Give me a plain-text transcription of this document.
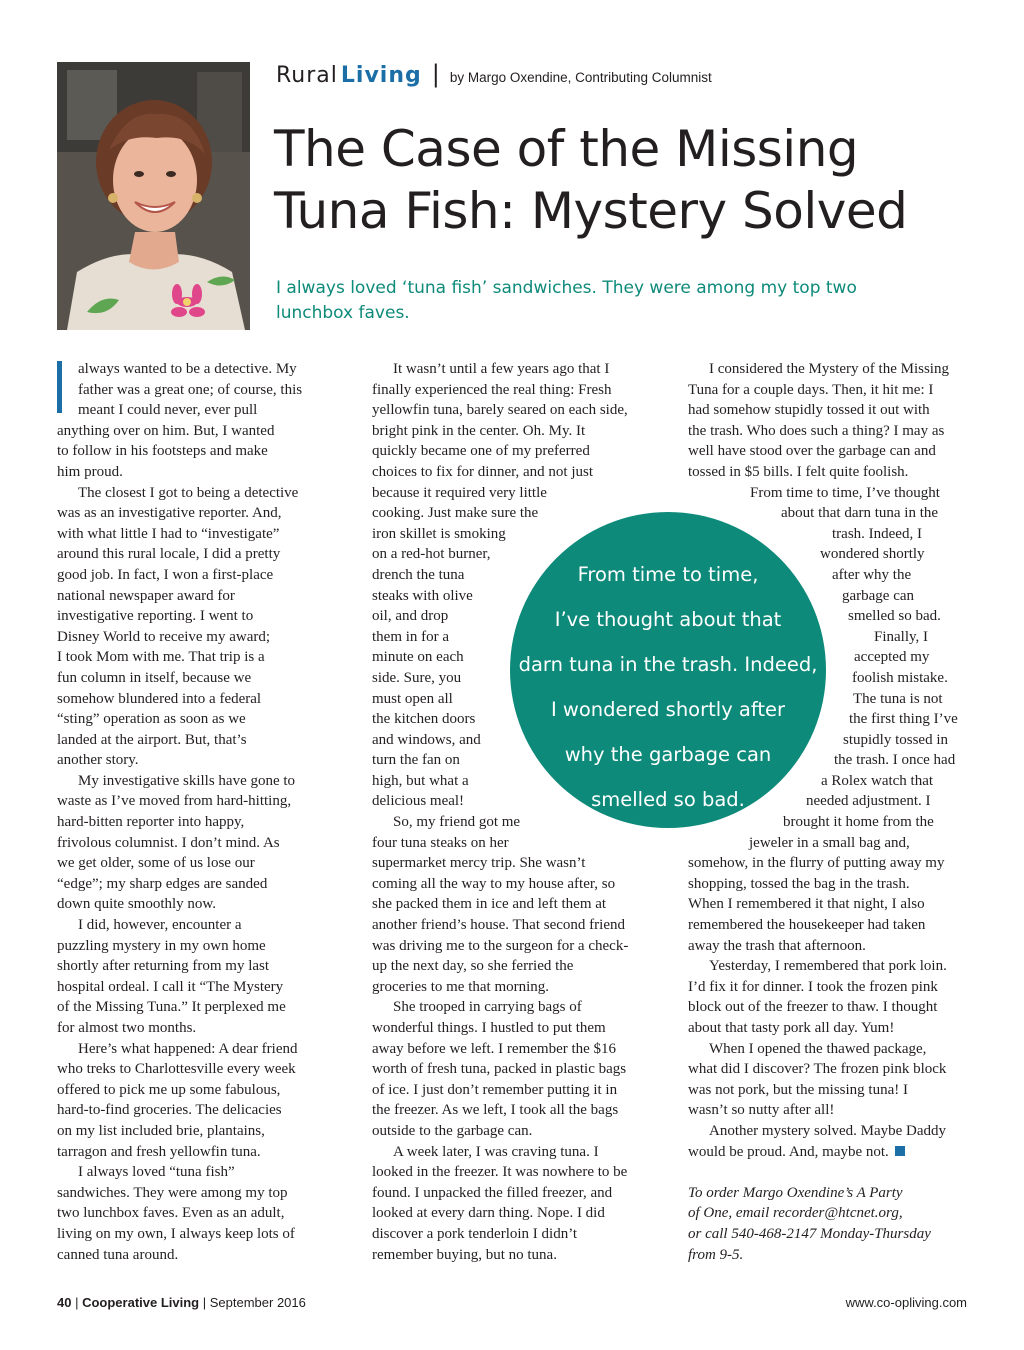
Rural Living | by Margo Oxendine, Contributing Columnist
The Case of the Missing
Tuna Fish: Mystery Solved
I always loved ‘tuna fish’ sandwiches. They were among my top two
lunchbox faves.
always wanted to be a detective. My
father was a great one; of course, this
meant I could never, ever pull
anything over on him. But, I wanted
to follow in his footsteps and make
him proud.
The closest I got to being a detective
was as an investigative reporter. And,
with what little I had to “investigate”
around this rural locale, I did a pretty
good job. In fact, I won a first-place
national newspaper award for
investigative reporting. I went to
Disney World to receive my award;
I took Mom with me. That trip is a
fun column in itself, because we
somehow blundered into a federal
“sting” operation as soon as we
landed at the airport. But, that’s
another story.
My investigative skills have gone to
waste as I’ve moved from hard-hitting,
hard-bitten reporter into happy,
frivolous columnist. I don’t mind. As
we get older, some of us lose our
“edge”; my sharp edges are sanded
down quite smoothly now.
I did, however, encounter a
puzzling mystery in my own home
shortly after returning from my last
hospital ordeal. I call it “The Mystery
of the Missing Tuna.” It perplexed me
for almost two months.
Here’s what happened: A dear friend
who treks to Charlottesville every week
offered to pick me up some fabulous,
hard-to-find groceries. The delicacies
on my list included brie, plantains,
tarragon and fresh yellowfin tuna.
I always loved “tuna fish”
sandwiches. They were among my top
two lunchbox faves. Even as an adult,
living on my own, I always keep lots of
canned tuna around.
It wasn’t until a few years ago that I
finally experienced the real thing: Fresh
yellowfin tuna, barely seared on each side,
bright pink in the center. Oh. My. It
quickly became one of my preferred
choices to fix for dinner, and not just
because it required very little
cooking. Just make sure the
iron skillet is smoking
on a red-hot burner,
drench the tuna
steaks with olive
oil, and drop
them in for a
minute on each
side. Sure, you
must open all
the kitchen doors
and windows, and
turn the fan on
high, but what a
delicious meal!
So, my friend got me
four tuna steaks on her
supermarket mercy trip. She wasn’t
coming all the way to my house after, so
she packed them in ice and left them at
another friend’s house. That second friend
was driving me to the surgeon for a check-
up the next day, so she ferried the
groceries to me that morning.
She trooped in carrying bags of
wonderful things. I hustled to put them
away before we left. I remember the $16
worth of fresh tuna, packed in plastic bags
of ice. I just don’t remember putting it in
the freezer. As we left, I took all the bags
outside to the garbage can.
A week later, I was craving tuna. I
looked in the freezer. It was nowhere to be
found. I unpacked the filled freezer, and
looked at every darn thing. Nope. I did
discover a pork tenderloin I didn’t
remember buying, but no tuna.
I considered the Mystery of the Missing
Tuna for a couple days. Then, it hit me: I
had somehow stupidly tossed it out with
the trash. Who does such a thing? I may as
well have stood over the garbage can and
tossed in $5 bills. I felt quite foolish.
From time to time, I’ve thought
about that darn tuna in the
trash. Indeed, I
wondered shortly
after why the
garbage can
smelled so bad.
Finally, I
accepted my
foolish mistake.
The tuna is not
the first thing I’ve
stupidly tossed in
the trash. I once had
a Rolex watch that
needed adjustment. I
brought it home from the
jeweler in a small bag and,
somehow, in the flurry of putting away my
shopping, tossed the bag in the trash.
When I remembered it that night, I also
remembered the housekeeper had taken
away the trash that afternoon.
Yesterday, I remembered that pork loin.
I’d fix it for dinner. I took the frozen pink
block out of the freezer to thaw. I thought
about that tasty pork all day. Yum!
When I opened the thawed package,
what did I discover? The frozen pink block
was not pork, but the missing tuna! I
wasn’t so nutty after all!
Another mystery solved. Maybe Daddy
would be proud. And, maybe not.
To order Margo Oxendine’s A Party
of One, email recorder@htcnet.org,
or call 540-468-2147 Monday-Thursday
from 9-5.
From time to time,
I’ve thought about that
darn tuna in the trash. Indeed,
I wondered shortly after
why the garbage can
smelled so bad.
40 | Cooperative Living | September 2016	www.co-opliving.com
